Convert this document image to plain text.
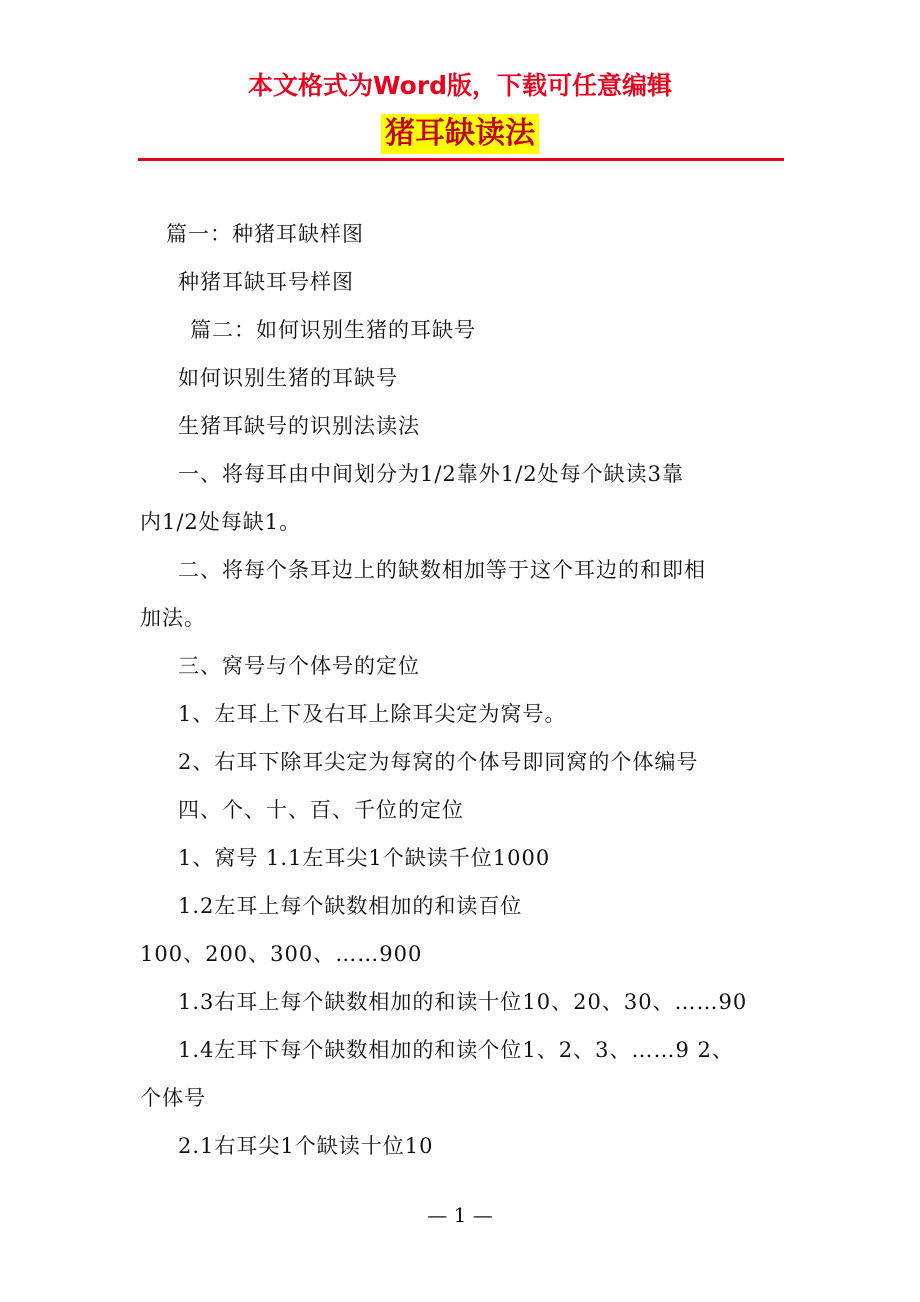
本文格式为Word版，下载可任意编辑
猪耳缺读法

篇一：种猪耳缺样图

种猪耳缺耳号样图

篇二：如何识别生猪的耳缺号

如何识别生猪的耳缺号

生猪耳缺号的识别法读法

一、将每耳由中间划分为1/2靠外1/2处每个缺读3靠

内1/2处每缺1。

二、将每个条耳边上的缺数相加等于这个耳边的和即相

加法。

三、窝号与个体号的定位

1、左耳上下及右耳上除耳尖定为窝号。

2、右耳下除耳尖定为每窝的个体号即同窝的个体编号

四、个、十、百、千位的定位

1、窝号 1.1左耳尖1个缺读千位1000

1.2左耳上每个缺数相加的和读百位

100、200、300、……900

1.3右耳上每个缺数相加的和读十位10、20、30、……90

1.4左耳下每个缺数相加的和读个位1、2、3、……9 2、

个体号

2.1右耳尖1个缺读十位10

— 1 —
